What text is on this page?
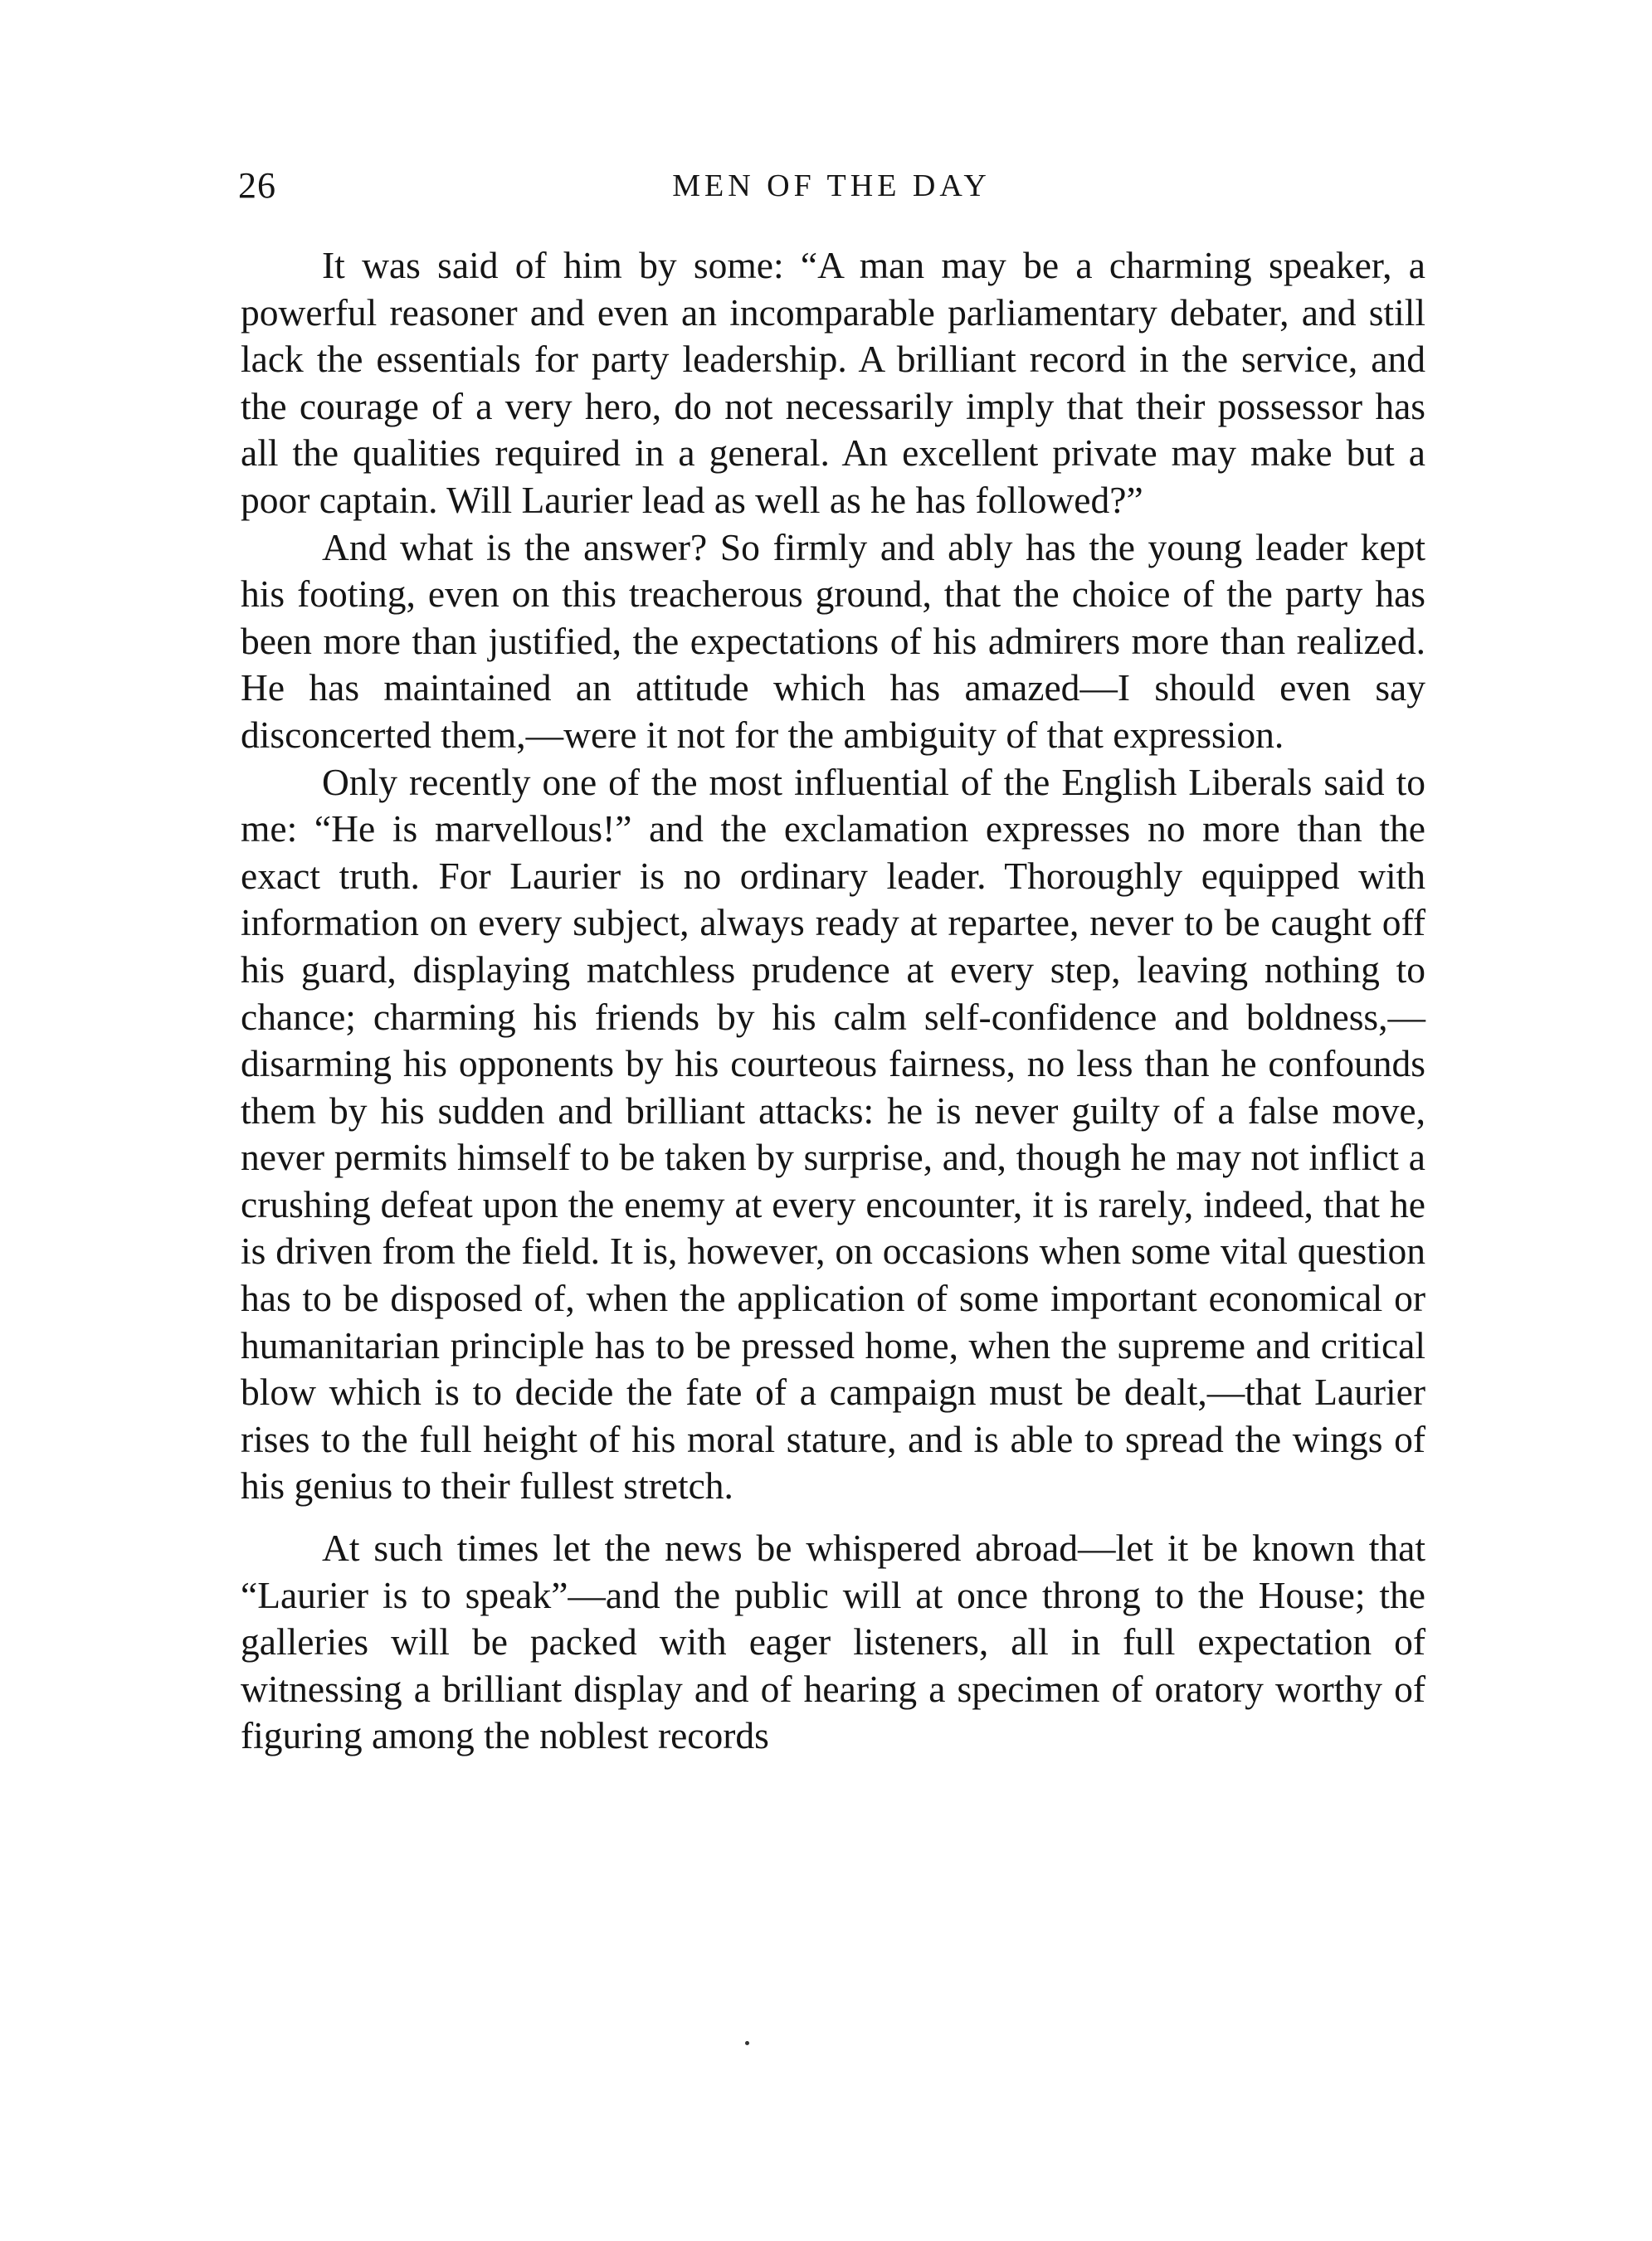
26	MEN OF THE DAY

It was said of him by some: “A man may be a charming speaker, a powerful reasoner and even an incomparable parliamentary debater, and still lack the essentials for party leadership. A brilliant record in the service, and the courage of a very hero, do not necessarily imply that their possessor has all the qualities required in a general. An excellent private may make but a poor captain. Will Laurier lead as well as he has followed?”

And what is the answer? So firmly and ably has the young leader kept his footing, even on this treacherous ground, that the choice of the party has been more than justified, the expectations of his admirers more than realized. He has maintained an attitude which has amazed—I should even say disconcerted them,—were it not for the ambiguity of that expression.

Only recently one of the most influential of the English Liberals said to me: “He is marvellous!” and the exclamation expresses no more than the exact truth. For Laurier is no ordinary leader. Thoroughly equipped with information on every subject, always ready at repartee, never to be caught off his guard, displaying matchless prudence at every step, leaving nothing to chance; charming his friends by his calm self-confidence and boldness,—disarming his opponents by his courteous fairness, no less than he confounds them by his sudden and brilliant attacks: he is never guilty of a false move, never permits himself to be taken by surprise, and, though he may not inflict a crushing defeat upon the enemy at every encounter, it is rarely, indeed, that he is driven from the field. It is, however, on occasions when some vital question has to be disposed of, when the application of some important economical or humanitarian principle has to be pressed home, when the supreme and critical blow which is to decide the fate of a campaign must be dealt,—that Laurier rises to the full height of his moral stature, and is able to spread the wings of his genius to their fullest stretch.

At such times let the news be whispered abroad—let it be known that “Laurier is to speak”—and the public will at once throng to the House; the galleries will be packed with eager listeners, all in full expectation of witnessing a brilliant display and of hearing a specimen of oratory worthy of figuring among the noblest records
